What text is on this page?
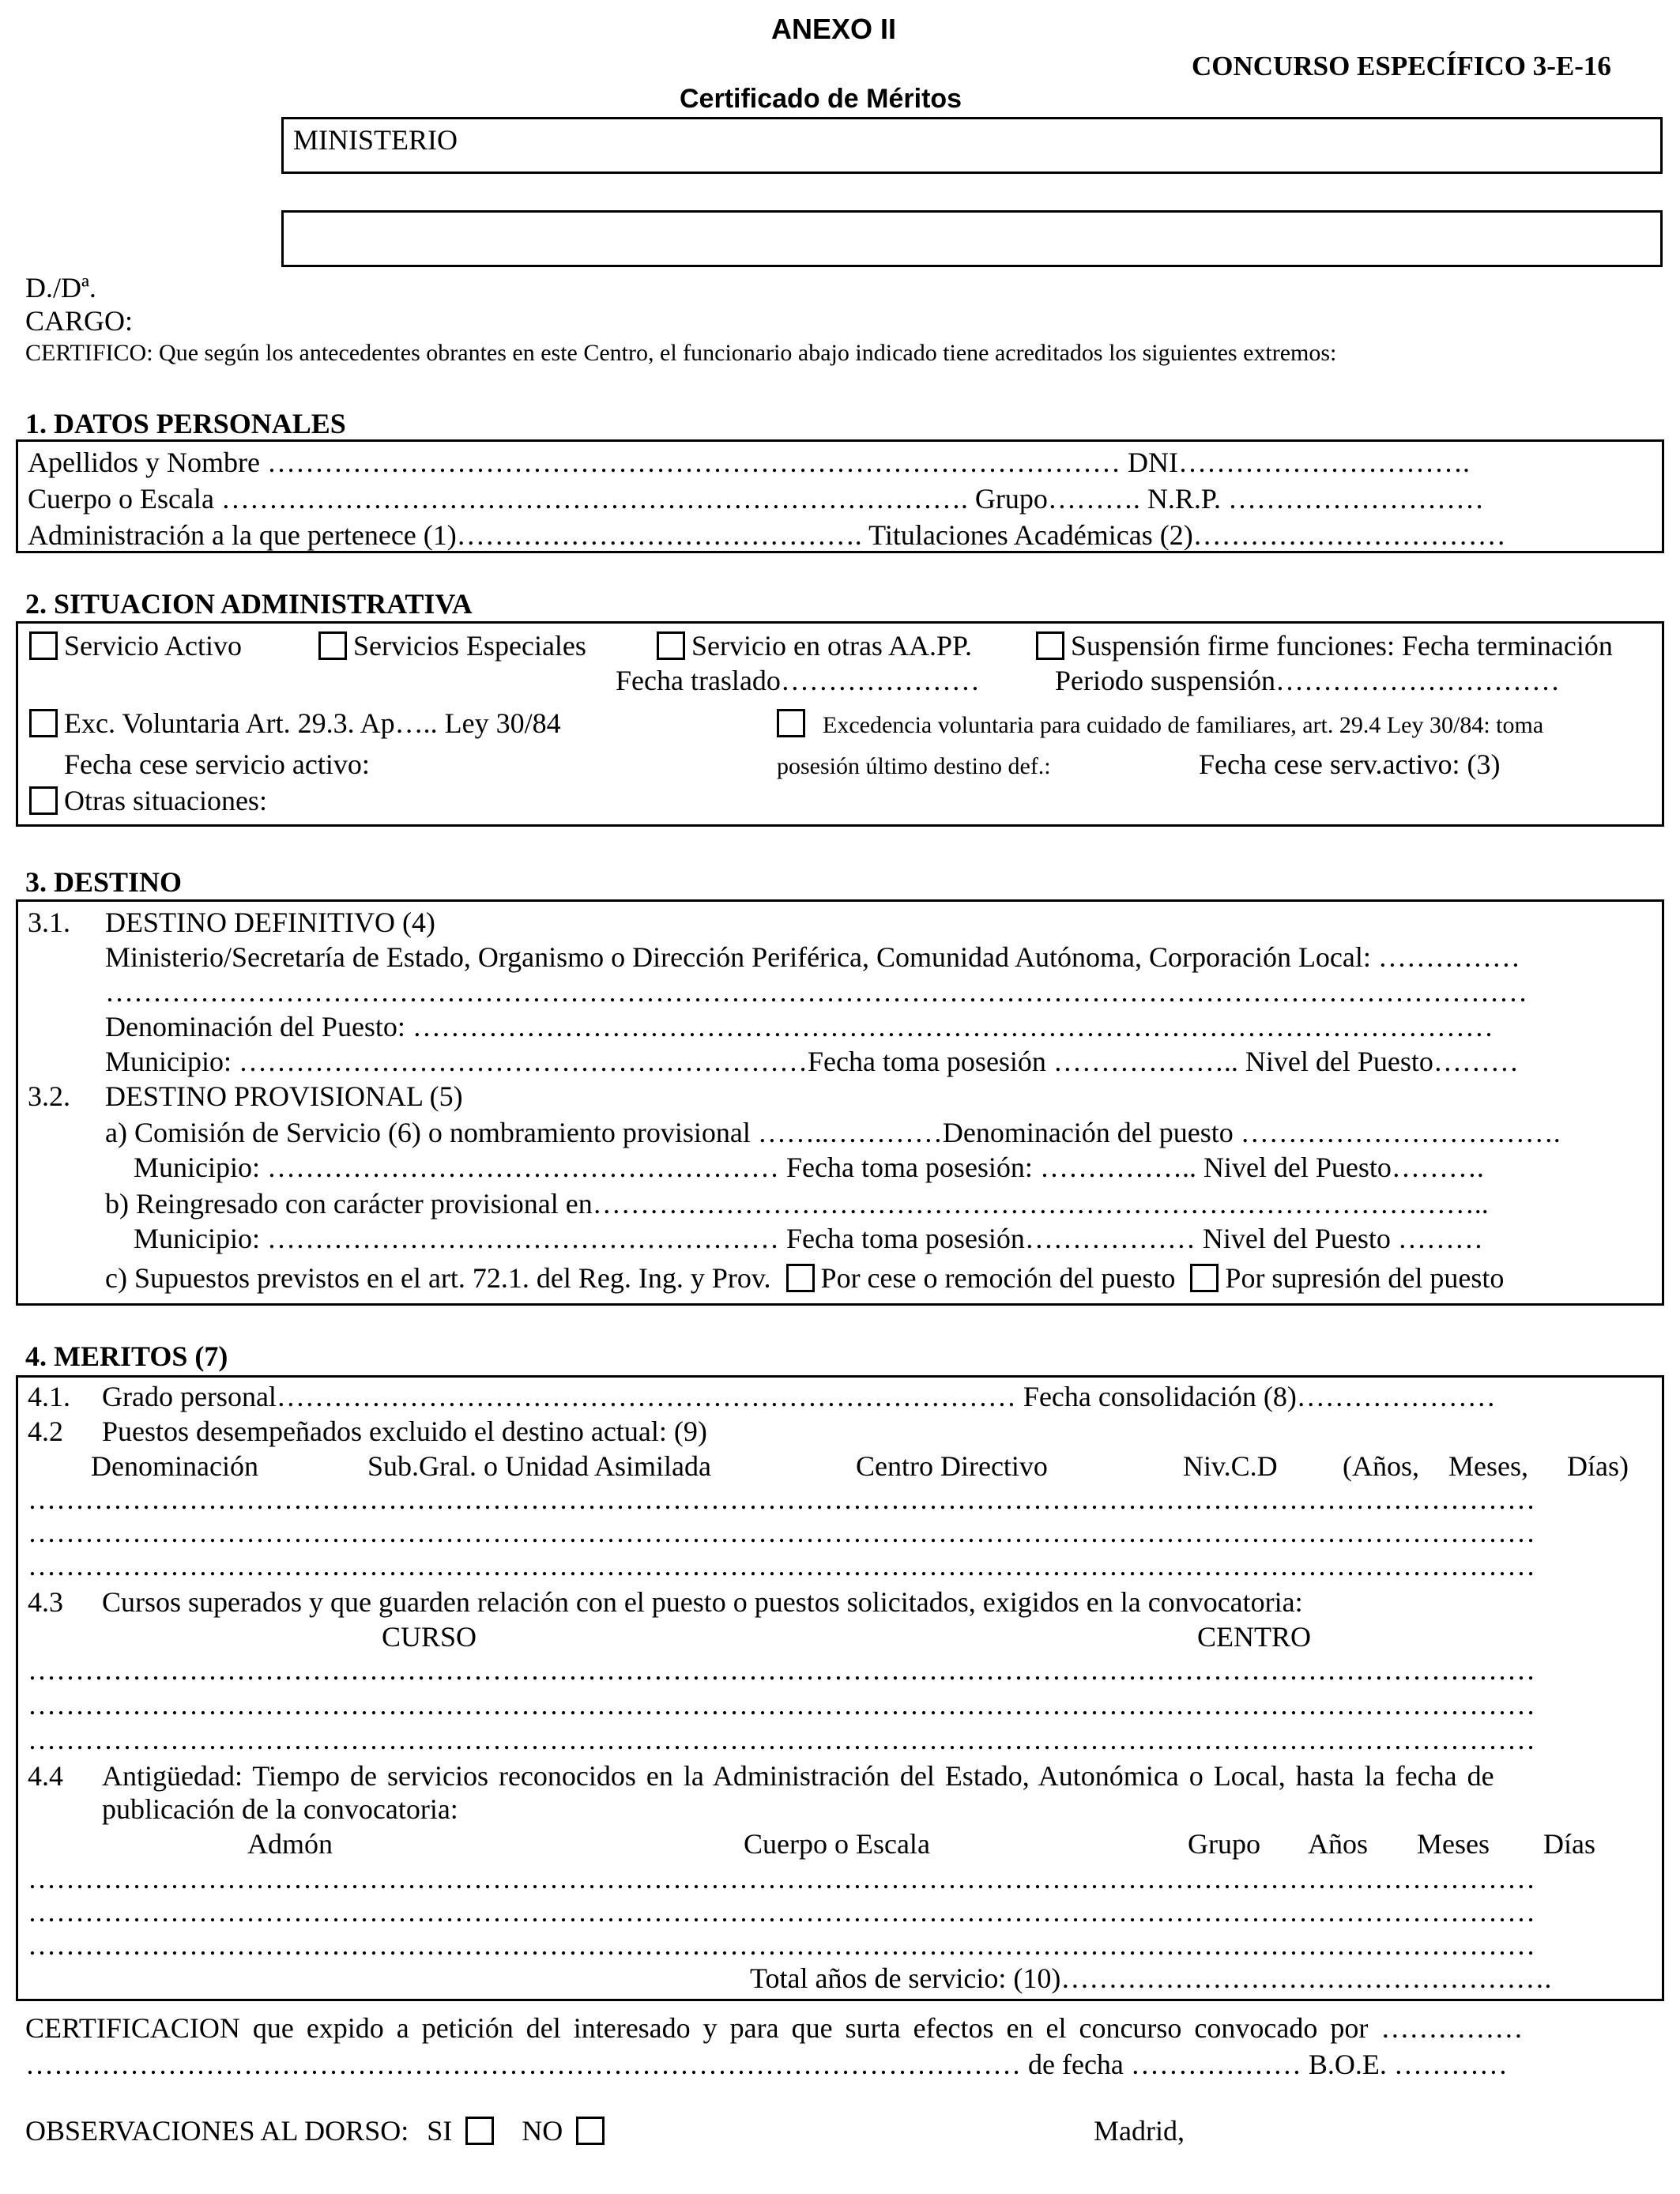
ANEXO II
CONCURSO ESPECÍFICO 3-E-16
Certificado de Méritos
MINISTERIO
D./Dª.
CARGO:
CERTIFICO: Que según los antecedentes obrantes en este Centro, el funcionario abajo indicado tiene acreditados los siguientes extremos:
1. DATOS PERSONALES
Apellidos y Nombre ……………………………………………………………………………… DNI………………………….
Cuerpo o Escala ……………………………………………………………………. Grupo………. N.R.P. ………………………
Administración a la que pertenece (1)……………………………………. Titulaciones Académicas (2)……………………………
2. SITUACION ADMINISTRATIVA
Servicio Activo	Servicios Especiales	Servicio en otras AA.PP.	Suspensión firme funciones: Fecha terminación
Fecha traslado…………………	Periodo suspensión…………………………
Exc. Voluntaria Art. 29.3. Ap….. Ley 30/84	Excedencia voluntaria para cuidado de familiares, art. 29.4 Ley 30/84: toma
Fecha cese servicio activo:	posesión último destino def.:	Fecha cese serv.activo: (3)
Otras situaciones:
3. DESTINO
3.1. DESTINO DEFINITIVO (4)
Ministerio/Secretaría de Estado, Organismo o Dirección Periférica, Comunidad Autónoma, Corporación Local: ……………
……………………………………………………………………………………………………………………………………
Denominación del Puesto: ……………………………………………………………………………………………………
Municipio: ……………………………………………………Fecha toma posesión ……………….. Nivel del Puesto………
3.2. DESTINO PROVISIONAL (5)
a) Comisión de Servicio (6) o nombramiento provisional ……..…………Denominación del puesto …………………………….
Municipio: ……………………………………………… Fecha toma posesión: …………….. Nivel del Puesto……….
b) Reingresado con carácter provisional en…………………………………………………………………………………..
Municipio: ……………………………………………… Fecha toma posesión……………… Nivel del Puesto ………
c) Supuestos previstos en el art. 72.1. del Reg. Ing. y Prov. Por cese o remoción del puesto Por supresión del puesto
4. MERITOS (7)
4.1. Grado personal…………………………………………………………………… Fecha consolidación (8)…………………
4.2 Puestos desempeñados excluido el destino actual: (9)
Denominación	Sub.Gral. o Unidad Asimilada	Centro Directivo	Niv.C.D (Años, Meses, Días)
……………………………………………………………………………………………………………………………………………
……………………………………………………………………………………………………………………………………………
……………………………………………………………………………………………………………………………………………
4.3 Cursos superados y que guarden relación con el puesto o puestos solicitados, exigidos en la convocatoria:
CURSO	CENTRO
……………………………………………………………………………………………………………………………………………
……………………………………………………………………………………………………………………………………………
……………………………………………………………………………………………………………………………………………
4.4 Antigüedad: Tiempo de servicios reconocidos en la Administración del Estado, Autonómica o Local, hasta la fecha de
publicación de la convocatoria:
Admón	Cuerpo o Escala	Grupo Años Meses Días
……………………………………………………………………………………………………………………………………………
……………………………………………………………………………………………………………………………………………
……………………………………………………………………………………………………………………………………………
Total años de servicio: (10)…………………………………………….
CERTIFICACION que expido a petición del interesado y para que surta efectos en el concurso convocado por ……………
…………………………………………………………………………………………… de fecha ……………… B.O.E. …………
OBSERVACIONES AL DORSO: SI NO	Madrid,
